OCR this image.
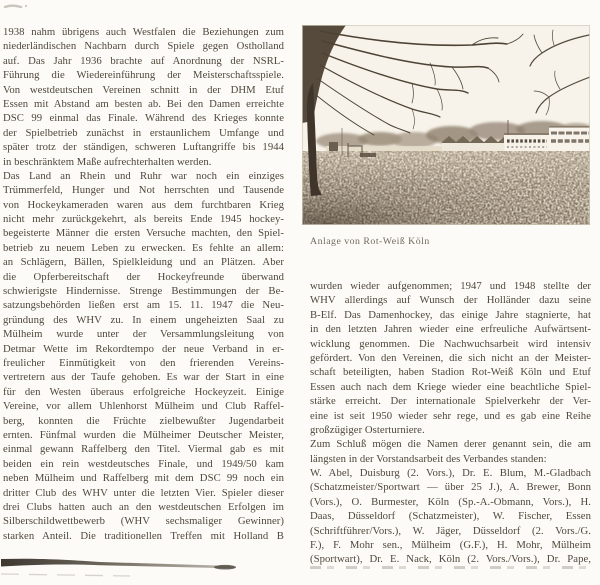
1938 nahm übrigens auch Westfalen die Beziehungen zum
niederländischen Nachbarn durch Spiele gegen Ostholland
auf. Das Jahr 1936 brachte auf Anordnung der NSRL-
Führung die Wiedereinführung der Meisterschaftsspiele.
Von westdeutschen Vereinen schnitt in der DHM Etuf
Essen mit Abstand am besten ab. Bei den Damen erreichte
DSC 99 einmal das Finale. Während des Krieges konnte
der Spielbetrieb zunächst in erstaunlichem Umfange und
später trotz der ständigen, schweren Luftangriffe bis 1944
in beschränktem Maße aufrechterhalten werden.
Das Land an Rhein und Ruhr war noch ein einziges
Trümmerfeld, Hunger und Not herrschten und Tausende
von Hockeykameraden waren aus dem furchtbaren Krieg
nicht mehr zurückgekehrt, als bereits Ende 1945 hockey-
begeisterte Männer die ersten Versuche machten, den Spiel-
betrieb zu neuem Leben zu erwecken. Es fehlte an allem:
an Schlägern, Bällen, Spielkleidung und an Plätzen. Aber
die Opferbereitschaft der Hockeyfreunde überwand
schwierigste Hindernisse. Strenge Bestimmungen der Be-
satzungsbehörden ließen erst am 15. 11. 1947 die Neu-
gründung des WHV zu. In einem ungeheizten Saal zu
Mülheim wurde unter der Versammlungsleitung von
Detmar Wette im Rekordtempo der neue Verband in er-
freulicher Einmütigkeit von den frierenden Vereins-
vertretern aus der Taufe gehoben. Es war der Start in eine
für den Westen überaus erfolgreiche Hockeyzeit. Einige
Vereine, vor allem Uhlenhorst Mülheim und Club Raffel-
berg, konnten die Früchte zielbewußter Jugendarbeit
ernten. Fünfmal wurden die Mülheimer Deutscher Meister,
einmal gewann Raffelberg den Titel. Viermal gab es mit
beiden ein rein westdeutsches Finale, und 1949/50 kam
neben Mülheim und Raffelberg mit dem DSC 99 noch ein
dritter Club des WHV unter die letzten Vier. Spieler dieser
drei Clubs hatten auch an den westdeutschen Erfolgen im
Silberschildwettbewerb (WHV sechsmaliger Gewinner)
starken Anteil. Die traditionellen Treffen mit Holland B
Anlage von Rot-Weiß Köln
wurden wieder aufgenommen; 1947 und 1948 stellte der
WHV allerdings auf Wunsch der Holländer dazu seine
B-Elf. Das Damenhockey, das einige Jahre stagnierte, hat
in den letzten Jahren wieder eine erfreuliche Aufwärtsent-
wicklung genommen. Die Nachwuchsarbeit wird intensiv
gefördert. Von den Vereinen, die sich nicht an der Meister-
schaft beteiligten, haben Stadion Rot-Weiß Köln und Etuf
Essen auch nach dem Kriege wieder eine beachtliche Spiel-
stärke erreicht. Der internationale Spielverkehr der Ver-
eine ist seit 1950 wieder sehr rege, und es gab eine Reihe
großzügiger Osterturniere.
Zum Schluß mögen die Namen derer genannt sein, die am
längsten in der Vorstandsarbeit des Verbandes standen:
W. Abel, Duisburg (2. Vors.), Dr. E. Blum, M.-Gladbach
(Schatzmeister/Sportwart — über 25 J.), A. Brewer, Bonn
(Vors.), O. Burmester, Köln (Sp.-A.-Obmann, Vors.), H.
Daas, Düsseldorf (Schatzmeister), W. Fischer, Essen
(Schriftführer/Vors.), W. Jäger, Düsseldorf (2. Vors./G.
F.), F. Mohr sen., Mülheim (G.F.), H. Mohr, Mülheim
(Sportwart), Dr. E. Nack, Köln (2. Vors./Vors.), Dr. Pape,
